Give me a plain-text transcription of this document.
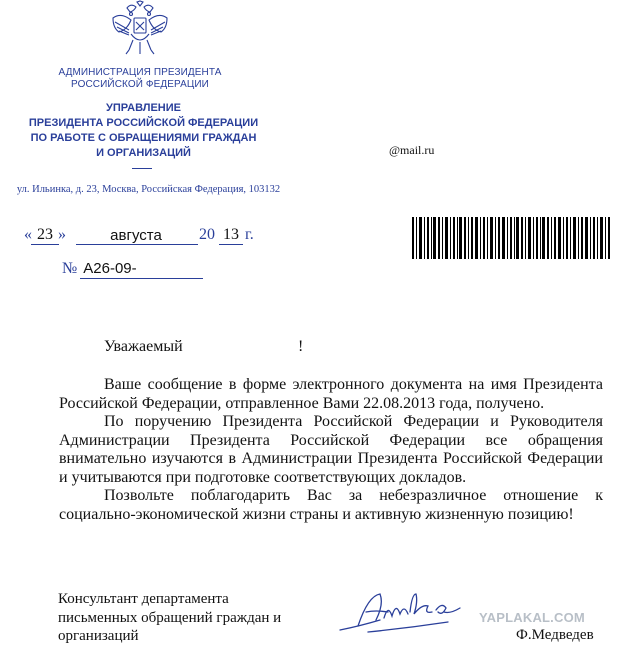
АДМИНИСТРАЦИЯ ПРЕЗИДЕНТА
РОССИЙСКОЙ ФЕДЕРАЦИИ
УПРАВЛЕНИЕ
ПРЕЗИДЕНТА РОССИЙСКОЙ ФЕДЕРАЦИИ
ПО РАБОТЕ С ОБРАЩЕНИЯМИ ГРАЖДАН
И ОРГАНИЗАЦИЙ
ул. Ильинка, д. 23, Москва, Российская Федерация, 103132
@mail.ru
« 23 »	августа	20 13 г.
№ А26-09-
Уважаемый	!

Ваше сообщение в форме электронного документа на имя Президента Российской Федерации, отправленное Вами 22.08.2013 года, получено.

По поручению Президента Российской Федерации и Руководителя Администрации Президента Российской Федерации все обращения внимательно изучаются в Администрации Президента Российской Федерации и учитываются при подготовке соответствующих докладов.

Позвольте поблагодарить Вас за небезразличное отношение к социально-экономической жизни страны и активную жизненную позицию!

Консультант департамента
письменных обращений граждан и
организаций
YAPLAKAL.COM
Ф.Медведев
